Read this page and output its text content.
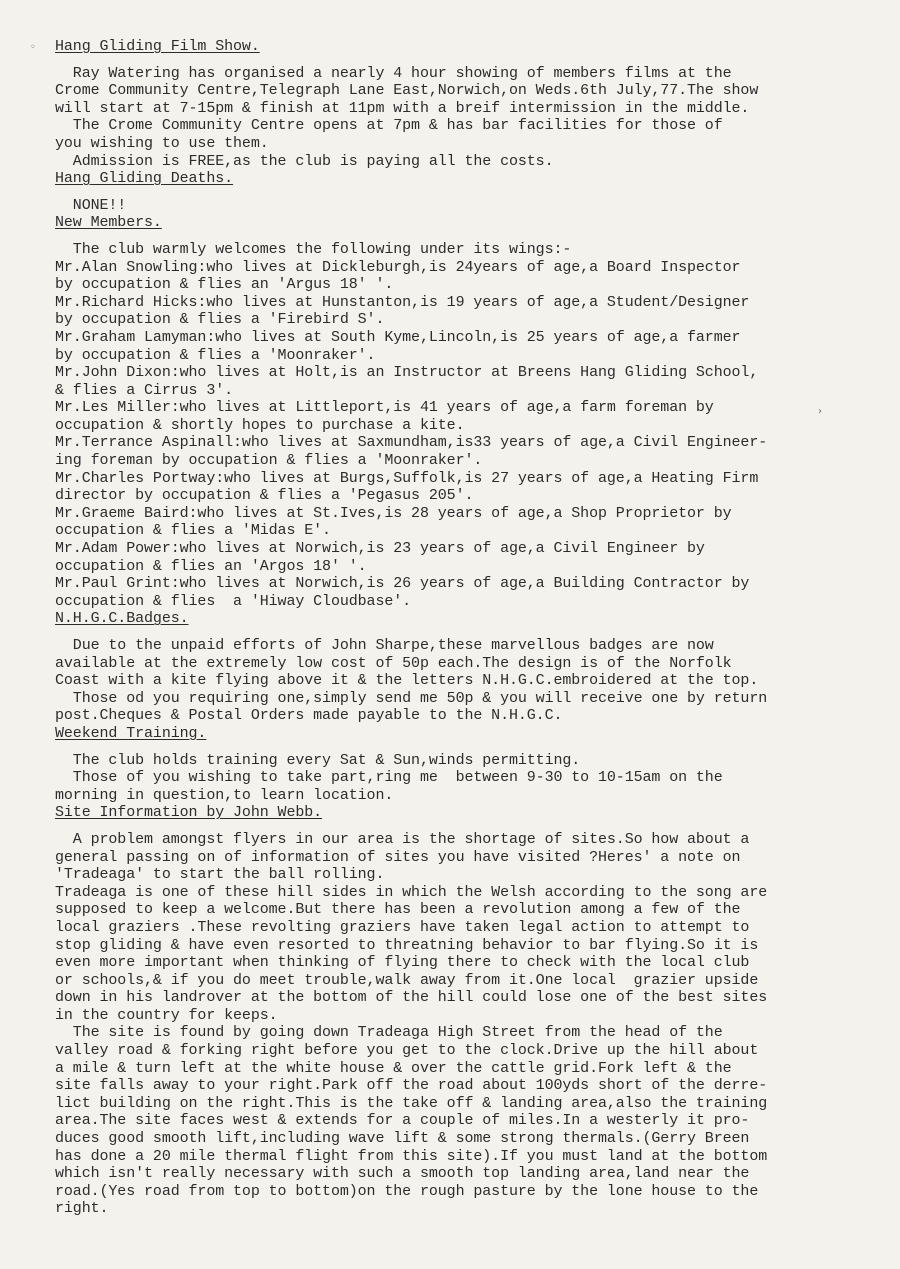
◦
›
Hang Gliding Film Show.
Ray Watering has organised a nearly 4 hour showing of members films at the
Crome Community Centre,Telegraph Lane East,Norwich,on Weds.6th July,77.The show
will start at 7-15pm & finish at 11pm with a breif intermission in the middle.
The Crome Community Centre opens at 7pm & has bar facilities for those of
you wishing to use them.
Admission is FREE,as the club is paying all the costs.
Hang Gliding Deaths.
NONE!!
New Members.
The club warmly welcomes the following under its wings:-
Mr.Alan Snowling:who lives at Dickleburgh,is 24years of age,a Board Inspector
by occupation & flies an 'Argus 18' '.
Mr.Richard Hicks:who lives at Hunstanton,is 19 years of age,a Student/Designer
by occupation & flies a 'Firebird S'.
Mr.Graham Lamyman:who lives at South Kyme,Lincoln,is 25 years of age,a farmer
by occupation & flies a 'Moonraker'.
Mr.John Dixon:who lives at Holt,is an Instructor at Breens Hang Gliding School,
& flies a Cirrus 3'.
Mr.Les Miller:who lives at Littleport,is 41 years of age,a farm foreman by
occupation & shortly hopes to purchase a kite.
Mr.Terrance Aspinall:who lives at Saxmundham,is33 years of age,a Civil Engineer-
ing foreman by occupation & flies a 'Moonraker'.
Mr.Charles Portway:who lives at Burgs,Suffolk,is 27 years of age,a Heating Firm
director by occupation & flies a 'Pegasus 205'.
Mr.Graeme Baird:who lives at St.Ives,is 28 years of age,a Shop Proprietor by
occupation & flies a 'Midas E'.
Mr.Adam Power:who lives at Norwich,is 23 years of age,a Civil Engineer by
occupation & flies an 'Argos 18' '.
Mr.Paul Grint:who lives at Norwich,is 26 years of age,a Building Contractor by
occupation & flies  a 'Hiway Cloudbase'.
N.H.G.C.Badges.
Due to the unpaid efforts of John Sharpe,these marvellous badges are now
available at the extremely low cost of 50p each.The design is of the Norfolk
Coast with a kite flying above it & the letters N.H.G.C.embroidered at the top.
Those od you requiring one,simply send me 50p & you will receive one by return
post.Cheques & Postal Orders made payable to the N.H.G.C.
Weekend Training.
The club holds training every Sat & Sun,winds permitting.
Those of you wishing to take part,ring me  between 9-30 to 10-15am on the
morning in question,to learn location.
Site Information by John Webb.
A problem amongst flyers in our area is the shortage of sites.So how about a
general passing on of information of sites you have visited ?Heres' a note on
'Tradeaga' to start the ball rolling.
Tradeaga is one of these hill sides in which the Welsh according to the song are
supposed to keep a welcome.But there has been a revolution among a few of the
local graziers .These revolting graziers have taken legal action to attempt to
stop gliding & have even resorted to threatning behavior to bar flying.So it is
even more important when thinking of flying there to check with the local club
or schools,& if you do meet trouble,walk away from it.One local  grazier upside
down in his landrover at the bottom of the hill could lose one of the best sites
in the country for keeps.
The site is found by going down Tradeaga High Street from the head of the
valley road & forking right before you get to the clock.Drive up the hill about
a mile & turn left at the white house & over the cattle grid.Fork left & the
site falls away to your right.Park off the road about 100yds short of the derre-
lict building on the right.This is the take off & landing area,also the training
area.The site faces west & extends for a couple of miles.In a westerly it pro-
duces good smooth lift,including wave lift & some strong thermals.(Gerry Breen
has done a 20 mile thermal flight from this site).If you must land at the bottom
which isn't really necessary with such a smooth top landing area,land near the
road.(Yes road from top to bottom)on the rough pasture by the lone house to the
right.
